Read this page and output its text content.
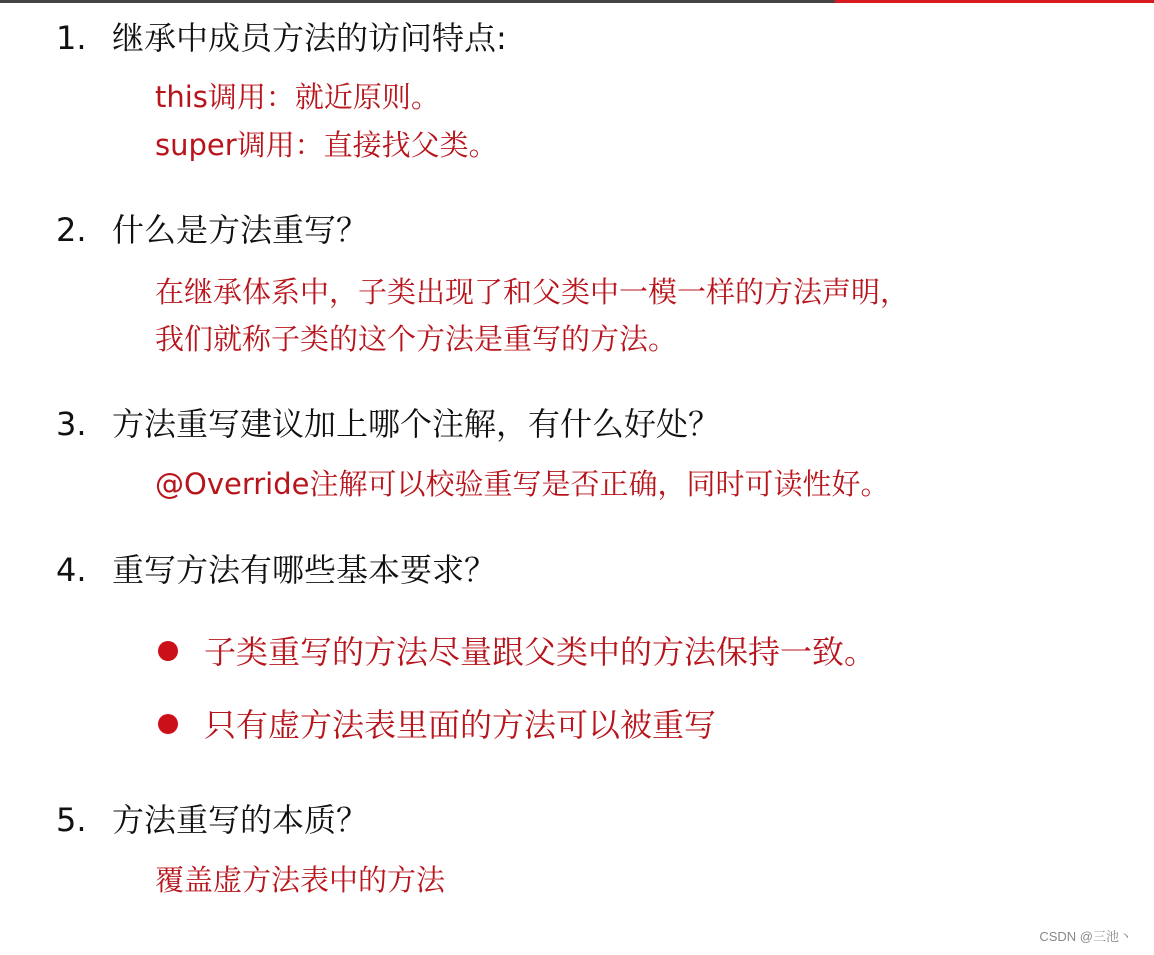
1. 继承中成员方法的访问特点:
this调用：就近原则。
super调用：直接找父类。
2. 什么是方法重写？
在继承体系中，子类出现了和父类中一模一样的方法声明，
我们就称子类的这个方法是重写的方法。
3. 方法重写建议加上哪个注解，有什么好处？
@Override注解可以校验重写是否正确，同时可读性好。
4. 重写方法有哪些基本要求？
子类重写的方法尽量跟父类中的方法保持一致。
只有虚方法表里面的方法可以被重写
5. 方法重写的本质？
覆盖虚方法表中的方法
CSDN @三池丶
